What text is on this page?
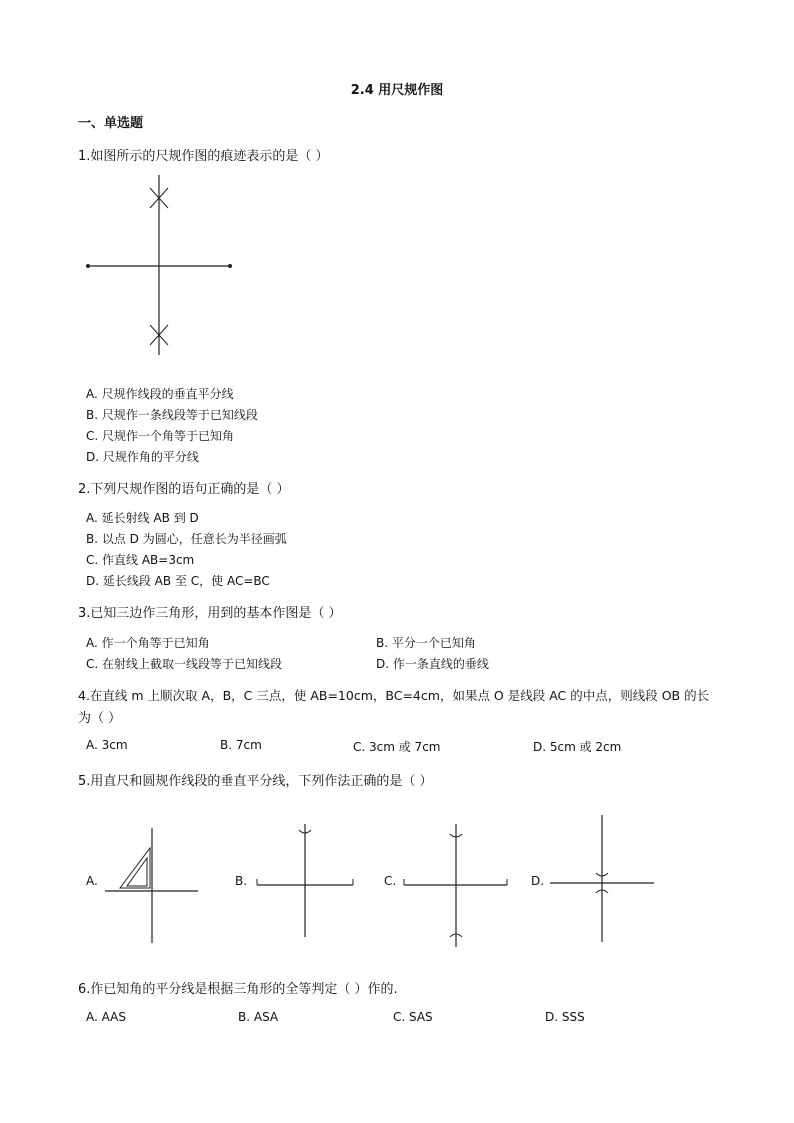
2.4 用尺规作图
一、单选题
1.如图所示的尺规作图的痕迹表示的是（ ）
A. 尺规作线段的垂直平分线
B. 尺规作一条线段等于已知线段
C. 尺规作一个角等于已知角
D. 尺规作角的平分线
2.下列尺规作图的语句正确的是（ ）
A. 延长射线 AB 到 D
B. 以点 D 为圆心，任意长为半径画弧
C. 作直线 AB=3cm
D. 延长线段 AB 至 C，使 AC=BC
3.已知三边作三角形，用到的基本作图是（ ）
A. 作一个角等于已知角	B. 平分一个已知角
C. 在射线上截取一线段等于已知线段	D. 作一条直线的垂线
4.在直线 m 上顺次取 A，B，C 三点，使 AB=10cm，BC=4cm，如果点 O 是线段 AC 的中点，则线段 OB 的长
为（ ）
A. 3cm	B. 7cm	C. 3cm 或 7cm	D. 5cm 或 2cm
5.用直尺和圆规作线段的垂直平分线，下列作法正确的是（ ）
A.	B.	C.	D.
6.作已知角的平分线是根据三角形的全等判定（ ）作的.
A. AAS	B. ASA	C. SAS	D. SSS
